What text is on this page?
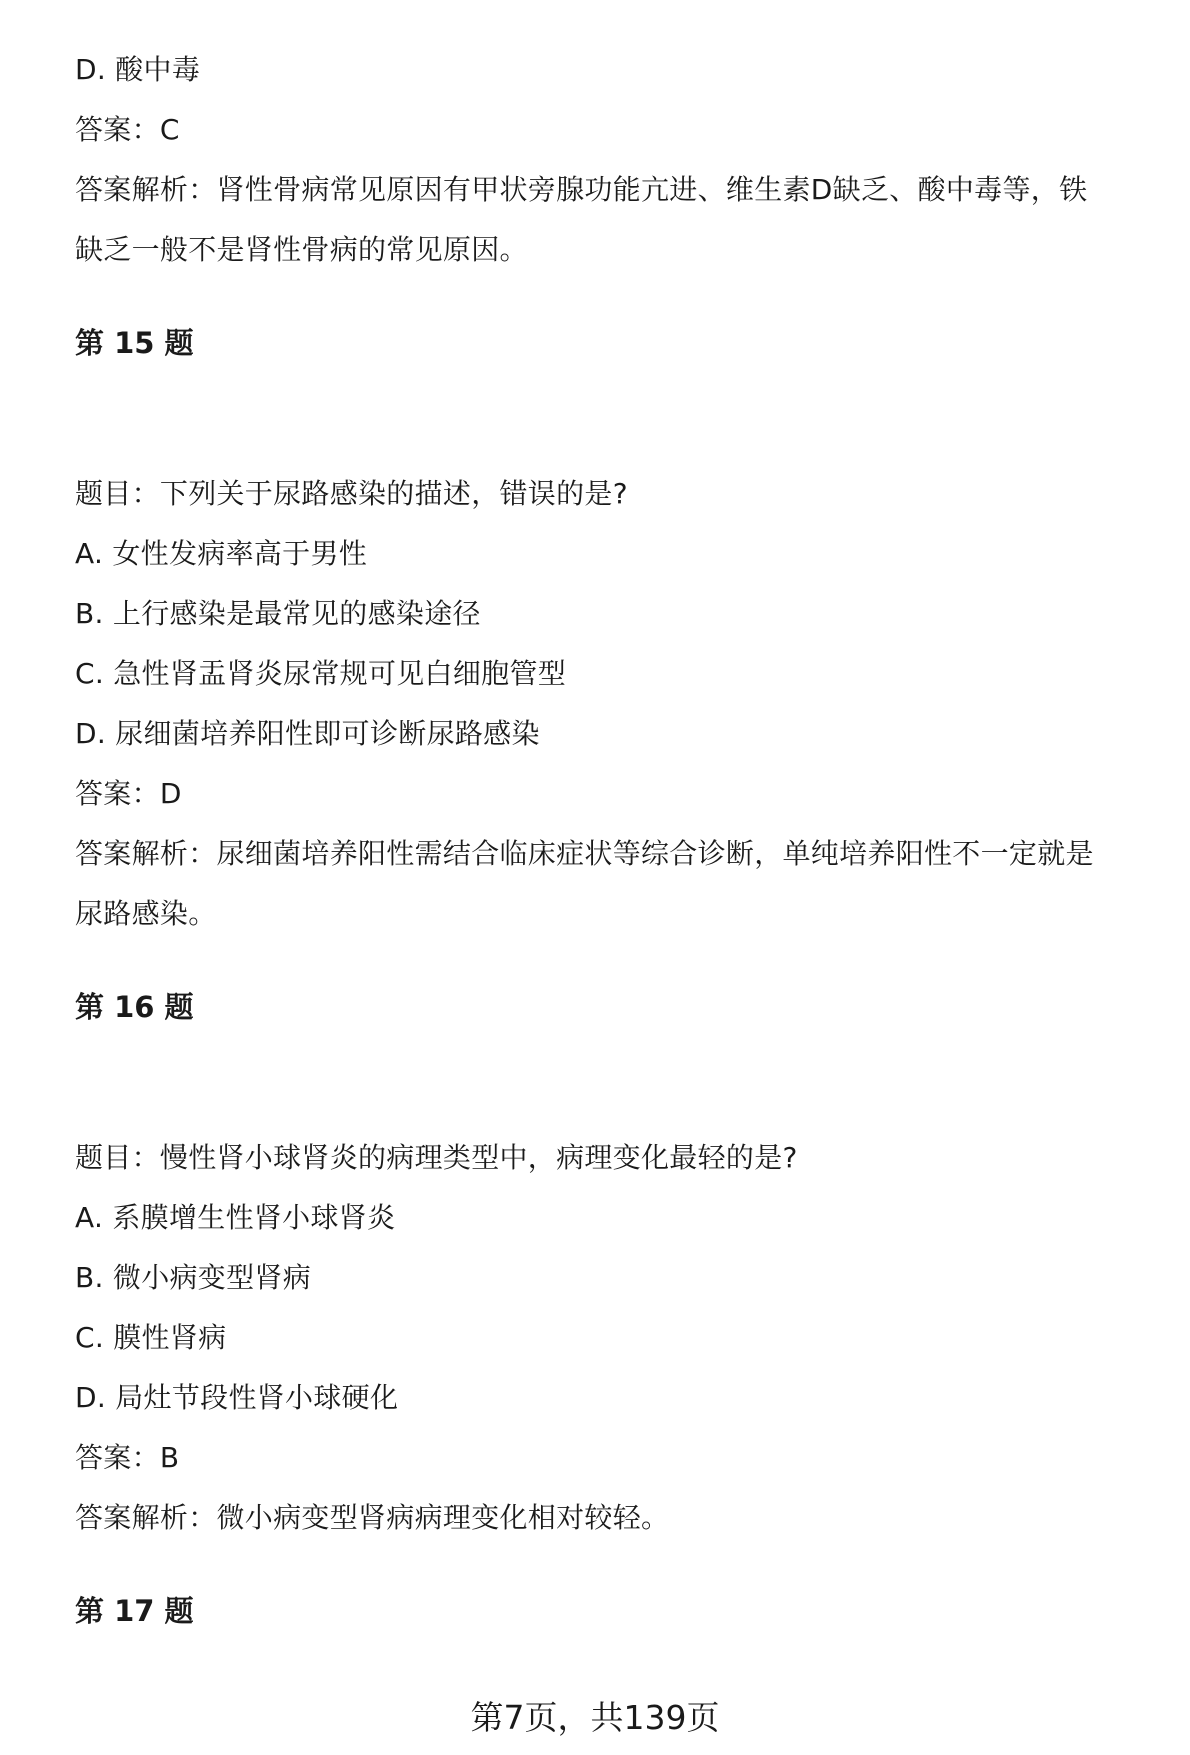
D. 酸中毒
答案：C
答案解析：肾性骨病常见原因有甲状旁腺功能亢进、维生素D缺乏、酸中毒等，铁
缺乏一般不是肾性骨病的常见原因。
第 15 题
题目：下列关于尿路感染的描述，错误的是?
A. 女性发病率高于男性
B. 上行感染是最常见的感染途径
C. 急性肾盂肾炎尿常规可见白细胞管型
D. 尿细菌培养阳性即可诊断尿路感染
答案：D
答案解析：尿细菌培养阳性需结合临床症状等综合诊断，单纯培养阳性不一定就是
尿路感染。
第 16 题
题目：慢性肾小球肾炎的病理类型中，病理变化最轻的是?
A. 系膜增生性肾小球肾炎
B. 微小病变型肾病
C. 膜性肾病
D. 局灶节段性肾小球硬化
答案：B
答案解析：微小病变型肾病病理变化相对较轻。
第 17 题
第7页，共139页
